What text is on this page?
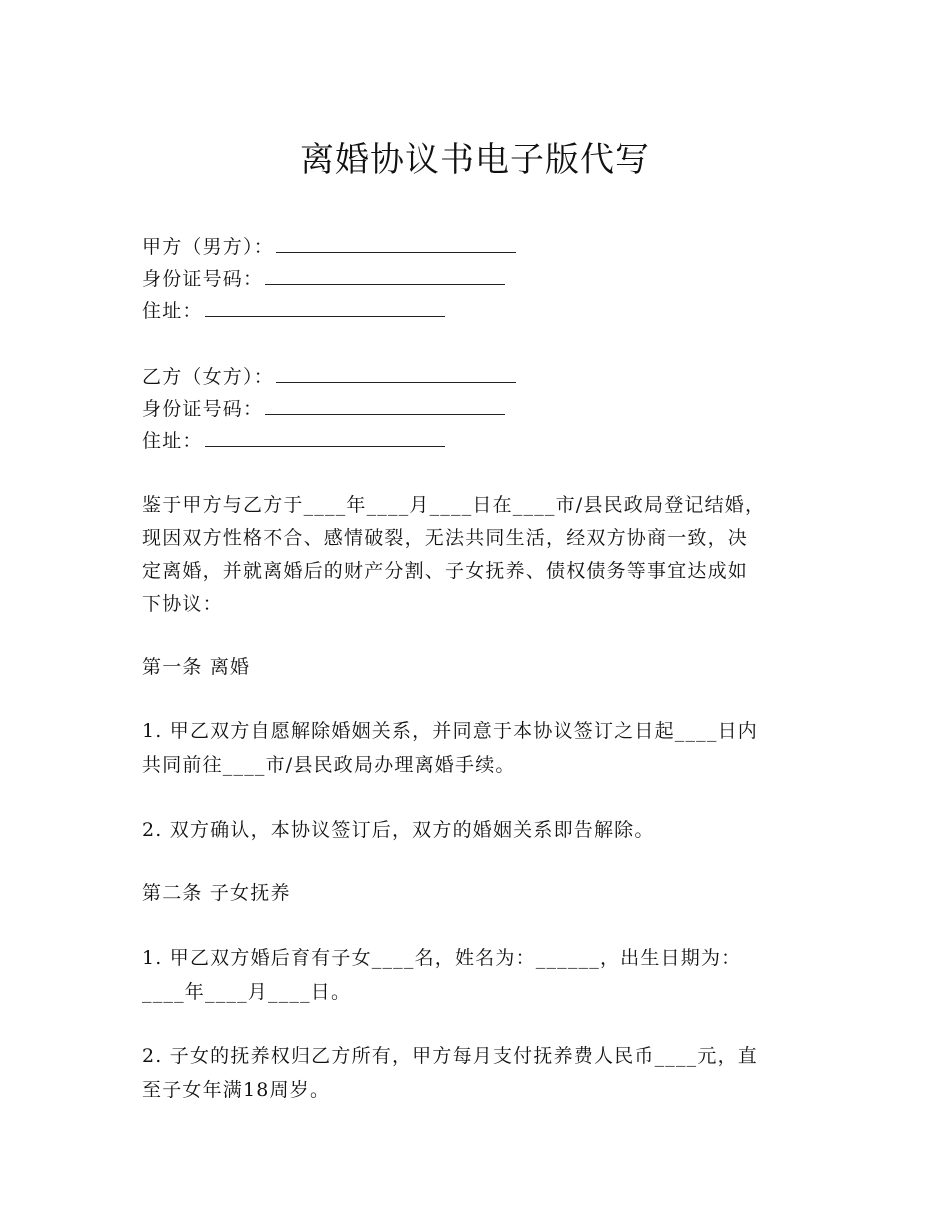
离婚协议书电子版代写
甲方（男方）：
身份证号码：
住址：
乙方（女方）：
身份证号码：
住址：
鉴于甲方与乙方于____年____月____日在____市/县民政局登记结婚，
现因双方性格不合、感情破裂，无法共同生活，经双方协商一致，决
定离婚，并就离婚后的财产分割、子女抚养、债权债务等事宜达成如
下协议：
第一条 离婚
1. 甲乙双方自愿解除婚姻关系，并同意于本协议签订之日起____日内
共同前往____市/县民政局办理离婚手续。
2. 双方确认，本协议签订后，双方的婚姻关系即告解除。
第二条 子女抚养
1. 甲乙双方婚后育有子女____名，姓名为：______，出生日期为：
____年____月____日。
2. 子女的抚养权归乙方所有，甲方每月支付抚养费人民币____元，直
至子女年满18周岁。
